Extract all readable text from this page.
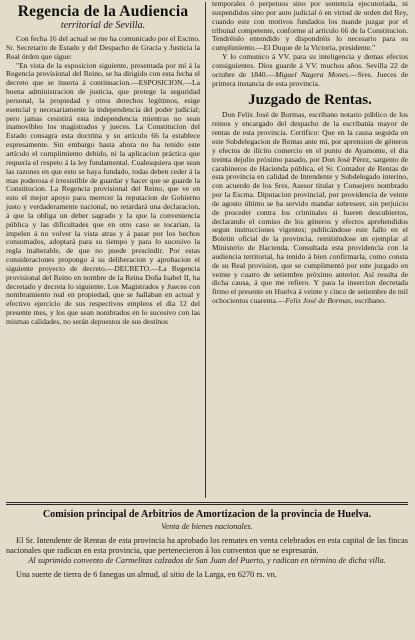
Regencia de la Audiencia
territorial de Sevilla.

Con fecha 16 del actual se me ha comunicado por el Escmo. Sr. Secretario de Estado y del Despacho de Gracia y Justicia la Real órden que sigue:

"En vista de la esposicion siguiente, presentada por mí á la Regencia provisional del Reino, se ha dirigido con esta fecha el decreto que se inserta á continuacion.—ESPOSICION.—La buena administracion de justicia, que protege la seguridad personal, la propiedad y otros derechos legítimos, esige esencial y necesariamente la independencia del poder judicial; pero jamas cesistirá esta independencia mientras no sean inamovibles los magistrados y jueces. La Constitucion del Estado consagra esta doctrina y su artículo 66 la establece espresamente. Sin embargo hasta ahora no ha tenido este artículo el cumplimiento debido, ni la aplicacion práctica que requería el respeto á la ley fundamental. Cualesquiera que sean las razones en que esto se haya fundado, todas deben ceder á la mas poderosa é irresistible de guardar y hacer que se guarde la Constitucion. La Regencia provisional del Reino, que ve en esto el mejor apoyo para merecer la reputacion de Gobierno justo y verdaderamente nacional, no retardará una declaracion, á que la obliga un deber sagrado y la que la conveniencia pública y las dificultades que en otro caso se tocarian, la impelen á no volver la vista atras y á pasar por los hechos consumados, adoptará para su tiempo y para lo sucesivo la regla inalterable, de que no puede prescindir. Por estas consideraciones propongo á su deliberacion y aprobacion el siguiente proyecto de decreto.—DECRETO.—La Regencia provisional del Reino en nombre de la Reina Doña Isabel II, ha decretado y decreta lo siguiente. Los Magistrados y Jueces con nombramiento real en propiedad, que se hallaban en actual y efectivo ejercicio de sus respectivos empleos el dia 12 del presente mes, y los que sean nombrados en lo sucesivo con las mismas calidades, no serán depuestos de sus destinos

temporales ó perpetuos sino por sentencia ejecutoriada, ni suspendidos sino por auto judicial ó en virtud de orden del Rey, cuando este con motivos fundados los mande juzgar por el tribunal competente, conforme al artículo 66 de la Constitucion. Tendréislo entendido y dispondréis lo necesario para su cumplimiento.—El Duque de la Victoria, presidente."

Y lo comunico á VV. para su inteligencia y demas efectos consiguientes. Dios guarde á VV. muchos años. Sevilla 22 de octubre de 1840.—Miguel Nagera Mones.—Sres. Jueces de primera instancia de esta provincia.

Juzgado de Rentas.

Don Felix José de Bormas, escribano notario público de los reinos y encargado del despacho de la escribanía mayor de rentas de esta provincia. Certifico: Que en la causa seguida en este Subdelegacion de Rentas ante mí, por aprension de géneros y efectos de ilícito comercio en el punto de Ayamonte, el dia treinta dejulio próximo pasado, por Don José Pérez, sargento de carabineros de Hacienda pública, el Sr. Contador de Rentas de esta provincia en calidad de Intendente y Subdelegado interino, con acuerdo de los Sres. Asesor titular y Consejero nombrado por la Escma. Diputacion provincial, por providencia de veinte de agosto último se ha servido mandar sobreseer, sin perjuicio de proceder contra los criminales si fueren descubiertos, declarando el comiso de los géneros y efectos aprehendidos segun instrucciones vigentes; publicándose este fallo en el Boletin oficial de la provincia, remitiéndose un ejemplar al Ministerio de Hacienda. Consultada esta providencia con la audiencia territorial, ha tenido á bien confirmarla, como consta de su Real provision, que se cumplimentó por este juzgado en veinte y cuatro de setiembre próximo anterior. Así resulta de dicha causa, á que me refiero. Y para la insercion decretada firmo el presente en Huelva á veinte y cinco de setiembre de mil ochocientos cuarenta.—Felix José de Bormas, escribano.

Comision principal de Arbitrios de Amortizacion de la provincia de Huelva.
Venta de bienes nacionales.

El Sr. Intendente de Rentas de esta provincia ha aprobado los remates en venta celebrados en esta capital de las fincas nacionales que radican en esta provincia, que pertenecieron á los conventos que se espresarán.

Al suprimido convento de Carmelitas calzados de San Juan del Puerto, y radican en término de dicha villa.

Una suerte de tierra de 6 fanegas un almud, al sitio de la Larga, en 6270 rs. vn.
